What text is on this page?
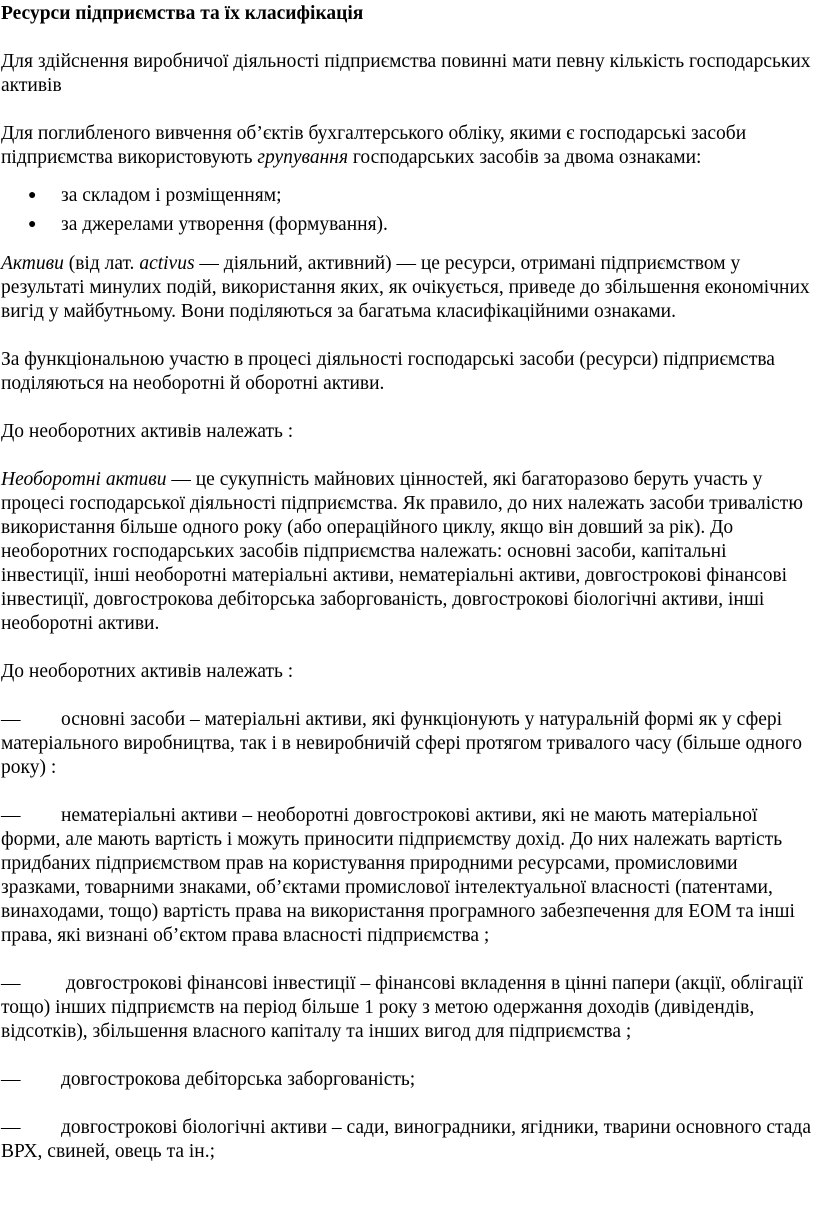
Ресурси підприємства та їх класифікація

Для здійснення виробничої діяльності підприємства повинні мати певну кількість господарських активів

Для поглибленого вивчення об’єктів бухгалтерського обліку, якими є господарські засоби підприємства використовують групування господарських засобів за двома ознаками:

● за складом і розміщенням;
● за джерелами утворення (формування).

Активи (від лат. activus — діяльний, активний) — це ресурси, отримані підприємством у результаті минулих подій, використання яких, як очікується, приведе до збільшення економічних вигід у майбутньому. Вони поділяються за багатьма класифікаційними ознаками.

За функціональною участю в процесі діяльності господарські засоби (ресурси) підприємства поділяються на необоротні й оборотні активи.

До необоротних активів належать :

Необоротні активи — це сукупність майнових цінностей, які багаторазово беруть участь у процесі господарської діяльності підприємства. Як правило, до них належать засоби тривалістю використання більше одного року (або операційного циклу, якщо він довший за рік). До необоротних господарських засобів підприємства належать: основні засоби, капітальні інвестиції, інші необоротні матеріальні активи, нематеріальні активи, довгострокові фінансові інвестиції, довгострокова дебіторська заборгованість, довгострокові біологічні активи, інші необоротні активи.

До необоротних активів належать :

— основні засоби – матеріальні активи, які функціонують у натуральній формі як у сфері матеріального виробництва, так і в невиробничій сфері протягом тривалого часу (більше одного року) :

— нематеріальні активи – необоротні довгострокові активи, які не мають матеріальної форми, але мають вартість і можуть приносити підприємству дохід. До них належать вартість придбаних підприємством прав на користування природними ресурсами, промисловими зразками, товарними знаками, об’єктами промислової інтелектуальної власності (патентами, винаходами, тощо) вартість права на використання програмного забезпечення для ЕОМ та інші права, які визнані об’єктом права власності підприємства ;

— довгострокові фінансові інвестиції – фінансові вкладення в цінні папери (акції, облігації тощо) інших підприємств на період більше 1 року з метою одержання доходів (дивідендів, відсотків), збільшення власного капіталу та інших вигод для підприємства ;

— довгострокова дебіторська заборгованість;

— довгострокові біологічні активи – сади, виноградники, ягідники, тварини основного стада ВРХ, свиней, овець та ін.;
